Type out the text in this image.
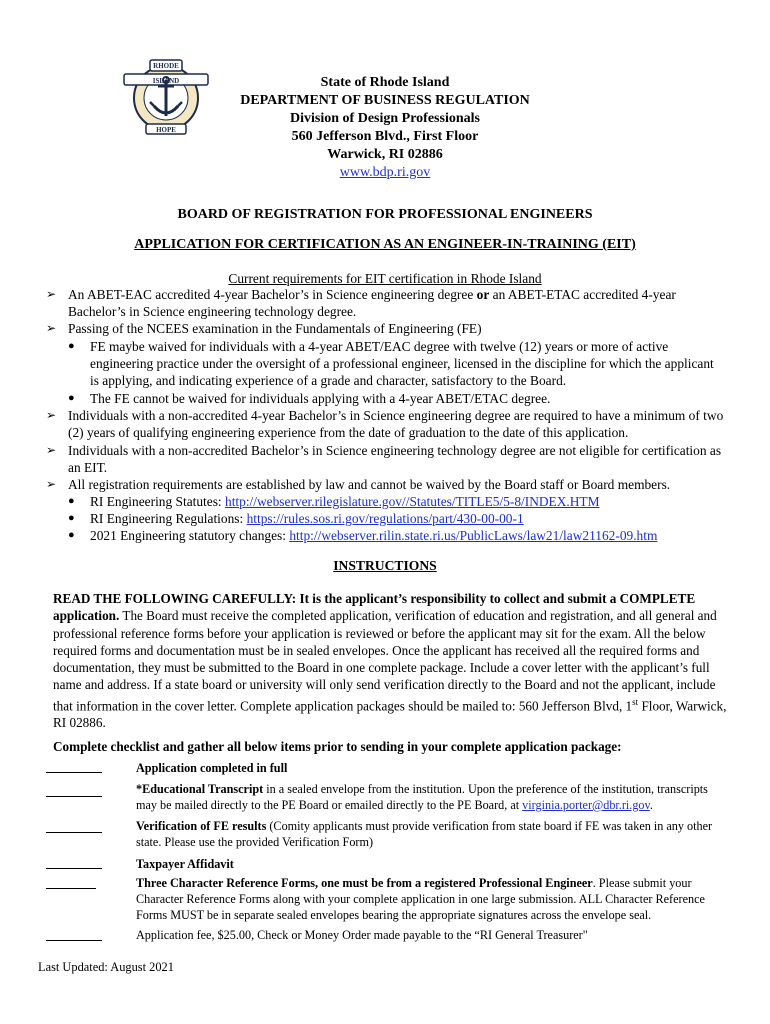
RHODE
ISLAND
HOPE
State of Rhode Island
DEPARTMENT OF BUSINESS REGULATION
Division of Design Professionals
560 Jefferson Blvd., First Floor
Warwick, RI 02886
www.bdp.ri.gov
BOARD OF REGISTRATION FOR PROFESSIONAL ENGINEERS
APPLICATION FOR CERTIFICATION AS AN ENGINEER-IN-TRAINING (EIT)
Current requirements for EIT certification in Rhode Island
➢ An ABET-EAC accredited 4-year Bachelor’s in Science engineering degree or an ABET-ETAC accredited 4-year Bachelor’s in Science engineering technology degree.
➢ Passing of the NCEES examination in the Fundamentals of Engineering (FE)
●	FE maybe waived for individuals with a 4-year ABET/EAC degree with twelve (12) years or more of active engineering practice under the oversight of a professional engineer, licensed in the discipline for which the applicant is applying, and indicating experience of a grade and character, satisfactory to the Board.
●	The FE cannot be waived for individuals applying with a 4-year ABET/ETAC degree.
➢ Individuals with a non-accredited 4-year Bachelor’s in Science engineering degree are required to have a minimum of two (2) years of qualifying engineering experience from the date of graduation to the date of this application.
➢ Individuals with a non-accredited Bachelor’s in Science engineering technology degree are not eligible for certification as an EIT.
➢ All registration requirements are established by law and cannot be waived by the Board staff or Board members.
●	RI Engineering Statutes: http://webserver.rilegislature.gov//Statutes/TITLE5/5-8/INDEX.HTM
●	RI Engineering Regulations: https://rules.sos.ri.gov/regulations/part/430-00-00-1
●	2021 Engineering statutory changes: http://webserver.rilin.state.ri.us/PublicLaws/law21/law21162-09.htm
INSTRUCTIONS
READ THE FOLLOWING CAREFULLY: It is the applicant’s responsibility to collect and submit a COMPLETE application. The Board must receive the completed application, verification of education and registration, and all general and professional reference forms before your application is reviewed or before the applicant may sit for the exam. All the below required forms and documentation must be in sealed envelopes. Once the applicant has received all the required forms and documentation, they must be submitted to the Board in one complete package. Include a cover letter with the applicant’s full name and address. If a state board or university will only send verification directly to the Board and not the applicant, include that information in the cover letter. Complete application packages should be mailed to: 560 Jefferson Blvd, 1st Floor, Warwick, RI 02886.
Complete checklist and gather all below items prior to sending in your complete application package:
Application completed in full
*Educational Transcript in a sealed envelope from the institution. Upon the preference of the institution, transcripts may be mailed directly to the PE Board or emailed directly to the PE Board, at virginia.porter@dbr.ri.gov.
Verification of FE results (Comity applicants must provide verification from state board if FE was taken in any other state. Please use the provided Verification Form)
Taxpayer Affidavit
Three Character Reference Forms, one must be from a registered Professional Engineer. Please submit your Character Reference Forms along with your complete application in one large submission. ALL Character Reference Forms MUST be in separate sealed envelopes bearing the appropriate signatures across the envelope seal.
Application fee, $25.00, Check or Money Order made payable to the “RI General Treasurer"
Last Updated: August 2021
